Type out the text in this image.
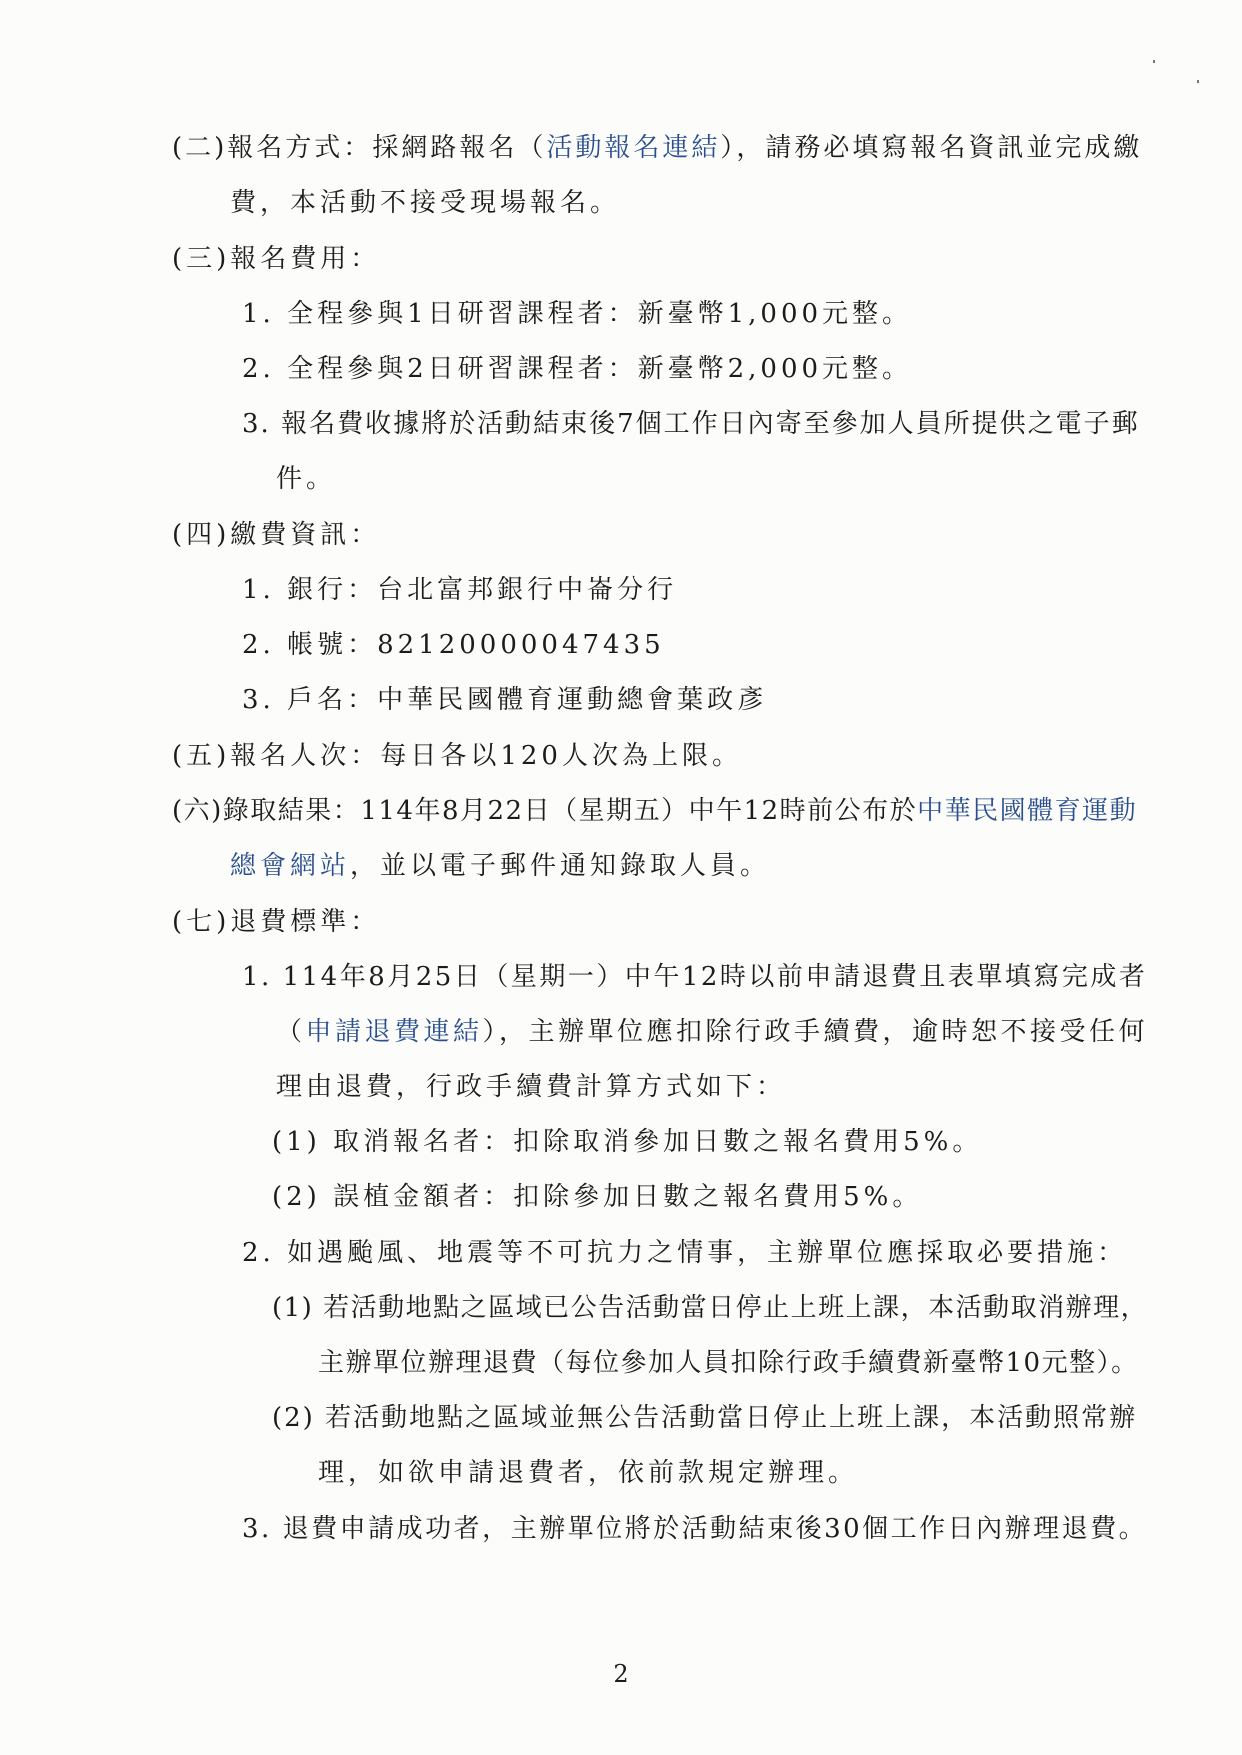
(二)報名方式：採網路報名（活動報名連結），請務必填寫報名資訊並完成繳
費，本活動不接受現場報名。
(三)報名費用：
1. 全程參與1日研習課程者：新臺幣1,000元整。
2. 全程參與2日研習課程者：新臺幣2,000元整。
3. 報名費收據將於活動結束後7個工作日內寄至參加人員所提供之電子郵
件。
(四)繳費資訊：
1. 銀行：台北富邦銀行中崙分行
2. 帳號：82120000047435
3. 戶名：中華民國體育運動總會葉政彥
(五)報名人次：每日各以120人次為上限。
(六)錄取結果：114年8月22日（星期五）中午12時前公布於中華民國體育運動
總會網站，並以電子郵件通知錄取人員。
(七)退費標準：
1. 114年8月25日（星期一）中午12時以前申請退費且表單填寫完成者
（申請退費連結），主辦單位應扣除行政手續費，逾時恕不接受任何
理由退費，行政手續費計算方式如下：
(1) 取消報名者：扣除取消參加日數之報名費用5%。
(2) 誤植金額者：扣除參加日數之報名費用5%。
2. 如遇颱風、地震等不可抗力之情事，主辦單位應採取必要措施：
(1) 若活動地點之區域已公告活動當日停止上班上課，本活動取消辦理，
主辦單位辦理退費（每位參加人員扣除行政手續費新臺幣10元整）。
(2) 若活動地點之區域並無公告活動當日停止上班上課，本活動照常辦
理，如欲申請退費者，依前款規定辦理。
3. 退費申請成功者，主辦單位將於活動結束後30個工作日內辦理退費。
2
